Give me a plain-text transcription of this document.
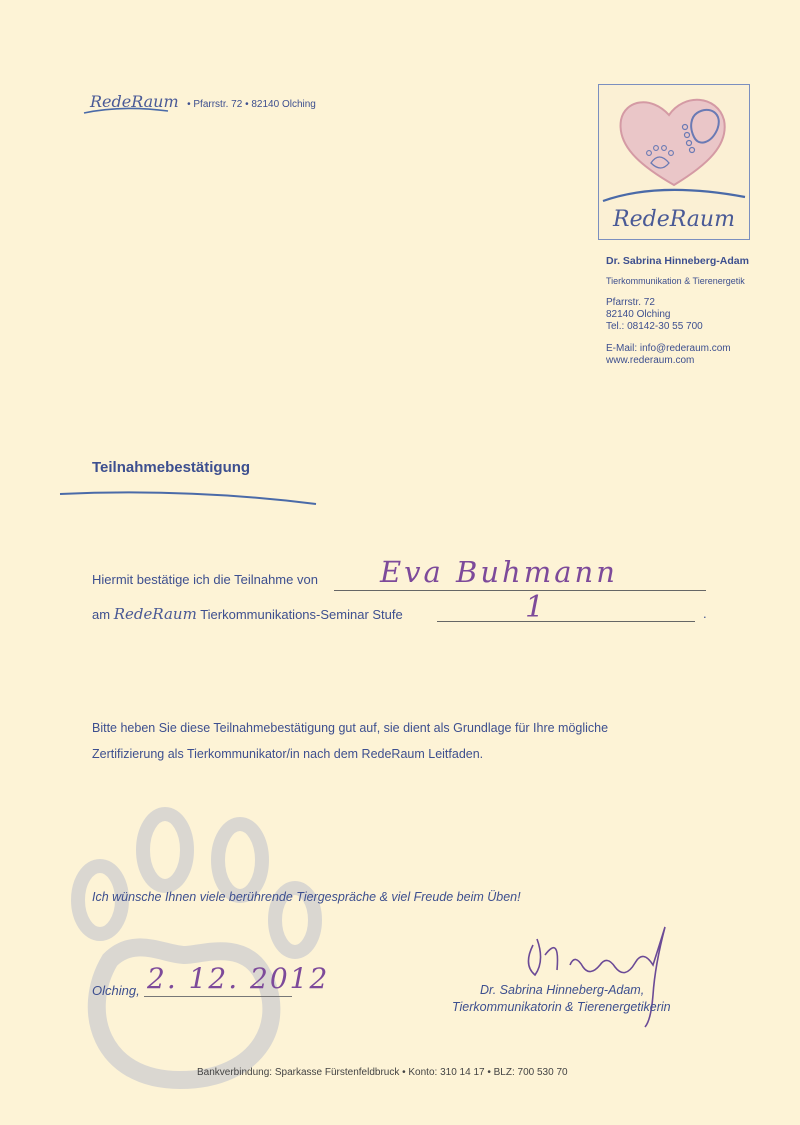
RedeRaum • Pfarrstr. 72 • 82140 Olching
RedeRaum
Dr. Sabrina Hinneberg-Adam
Tierkommunikation & Tierenergetik
Pfarrstr. 72
82140 Olching
Tel.: 08142-30 55 700
E-Mail: info@rederaum.com
www.rederaum.com
Teilnahmebestätigung
Hiermit bestätige ich die Teilnahme von Eva Buhmann
am RedeRaum Tierkommunikations-Seminar Stufe	1	.
Bitte heben Sie diese Teilnahmebestätigung gut auf, sie dient als Grundlage für Ihre mögliche
Zertifizierung als Tierkommunikator/in nach dem RedeRaum Leitfaden.
Ich wünsche Ihnen viele berührende Tiergespräche & viel Freude beim Üben!
Olching, 2. 12. 2012	Dr. Sabrina Hinneberg-Adam,
Tierkommunikatorin & Tierenergetikerin
Bankverbindung: Sparkasse Fürstenfeldbruck • Konto: 310 14 17 • BLZ: 700 530 70
